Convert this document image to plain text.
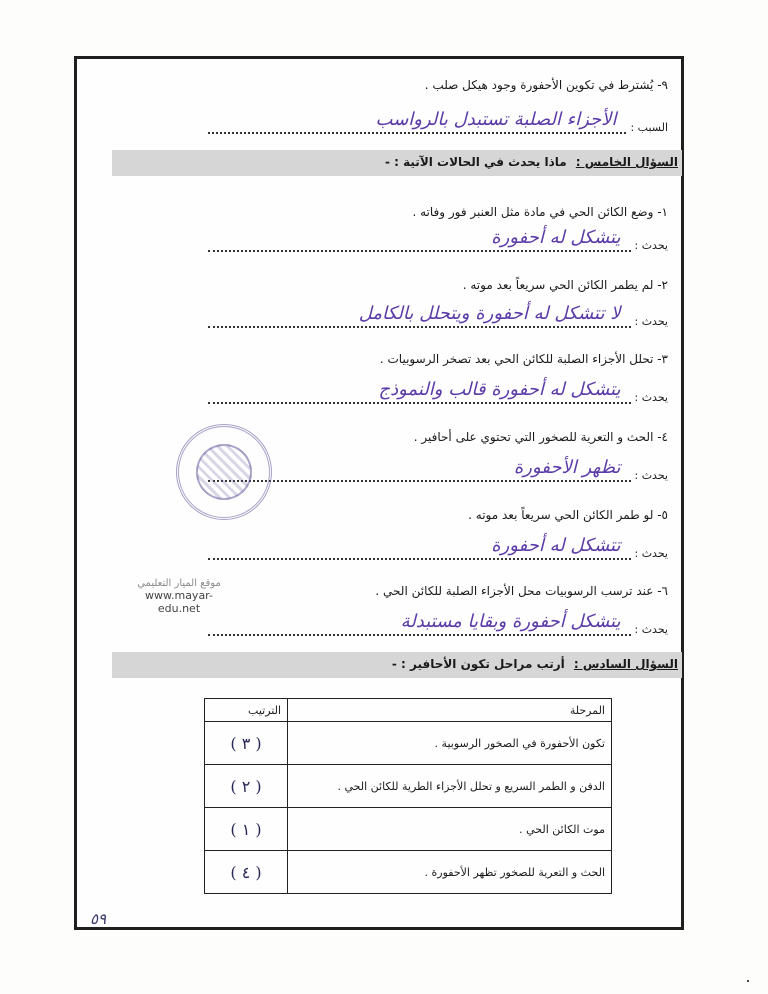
٩- يُشترط في تكوين الأحفورة وجود هيكل صلب .
السبب :
الأجزاء الصلبة تستبدل بالرواسب
السؤال الخامس : ماذا يحدث في الحالات الآتية : -
١- وضع الكائن الحي في مادة مثل العنبر فور وفاته .
يحدث :
يتشكل له أحفورة
٢- لم يطمر الكائن الحي سريعاً بعد موته .
يحدث :
لا تتشكل له أحفورة ويتحلل بالكامل
٣- تحلل الأجزاء الصلبة للكائن الحي بعد تصخر الرسوبيات .
يحدث :
يتشكل له أحفورة قالب والنموذج
٤- الحث و التعرية للصخور التي تحتوي على أحافير .
يحدث :
تظهر الأحفورة
٥- لو طمر الكائن الحي سريعاً بعد موته .
يحدث :
تتشكل له أحفورة
٦- عند ترسب الرسوبيات محل الأجزاء الصلبة للكائن الحي .
يحدث :
يتشكل أحفورة وبقايا مستبدلة
السؤال السادس : أرتب مراحل تكون الأحافير : -
المرحلة	الترتيب
تكون الأحفورة في الصخور الرسوبية .	( ٣ )
الدفن و الطمر السريع و تحلل الأجزاء الطرية للكائن الحي .	( ٢ )
موت الكائن الحي .	( ١ )
الحث و التعرية للصخور تظهر الأحفورة .	( ٤ )
موقع الميار التعليمي
www.mayar-edu.net
٥٩
